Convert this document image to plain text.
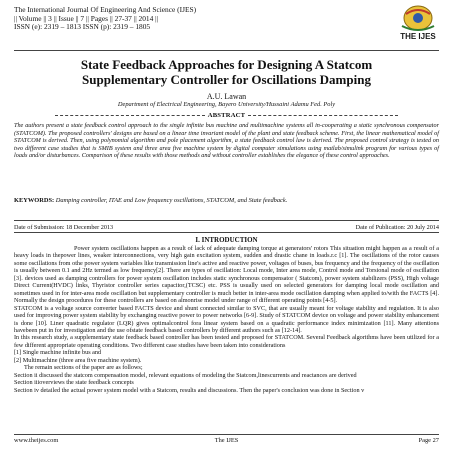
The International Journal Of Engineering And Science (IJES)
|| Volume || 3 || Issue || 7 || Pages || 27-37 || 2014 ||
ISSN (e): 2319 – 1813 ISSN (p): 2319 – 1805
THE IJES
State Feedback Approaches for Designing A Statcom
Supplementary Controller for Oscillations Damping
A.U. Lawan
Department of Electrical Engineering, Bayero University/Hussaini Adamu Fed. Poly
ABSTRACT
The authors present a state feedback control approach to the single infinite bus machine and multimachine systems all in-cooperating a static synchronous compensator (STATCOM). The proposed controllers' designs are based on a linear time invariant model of the plant and state feedback scheme. First, the linear mathematical model of STATCOM is derived. Then, using polynomial algorithm and pole placement algorithm, a state feedback control law is derived. The proposed control strategy is tested on two different case studies that is SMIB system and three area five machine system by digital computer simulations using matlab/simulink program for various types of loads and/or disturbances. Comparison of these results with those methods and without controller establishes the elegance of these control approaches.
KEYWORDS: Damping controller, ITAE and Low frequency oscillations, STATCOM, and State feedback.
Date of Submission: 18 December 2013	Date of Publication: 20 July 2014
I. INTRODUCTION

Power system oscillations happen as a result of lack of adequate damping torque at generators' rotors This situation might happen as a result of a heavy loads in thepower lines, weaker interconnections, very high gain excitation system, sudden and drastic chane in loads.r.c [1]. The oscillations of the rotor causes some oscillations from othe power system variables like transmission line's active and reactive power, voltages of buses, bus frequency and the frequency of the oscillation is usually between 0.1 and 2Hz termed as low frequency[2]. There are types of oscillation: Local mode, Inter area mode, Control mode and Torsional mode of oscillation [3]. devices used as damping controllers for power system oscillation includes static synchronous compensator ( Statcom), power system stabilizers (PSS), High voltage Direct Current(HVDC) links, Thyristor controller series capacitor,(TCSC) etc. PSS is usually used on selected generators for damping local mode oscillation and sometimes used in for inter-area mode oscillation but supplementary controller is much better in inter-area mode oscillation damping when applied to/with the FACTS [4]. Normally the design procedures for these controllers are based on almonrise model under range of different operating points [4-5].

STATCOM is a voltage source converter based FACTS device and shunt connected similar to SVC, that are usually meant for voltage stability and regulation. It is also used for improving power system stability by exchanging reactive power to power networks [6-9]. Study of STATCOM device on voltage and power stability enhancement is done [10]. Liner quadratic regulator (LQR) gives optimalcontrol fora linear system based on a quadratic performance index minimization [11]. Many attentions havebeen put in for investigation and the use ofstate feedback based controllers by different authors such as [12-14].

In this research study, a supplementary state feedback based controller has been tested and proposed for STATCOM. Several Feedback algorithms have been utilized for a few different appropriate operating conditions. Two different case studies have been taken into considerations

[1] Single machine infinite bus and

[2] Multimachine (three area five machine system).

The remain sections of the paper are as follows;

Section ii discussed the statcom compensation model, relevant equations of modeling the Statcom,linescurrents and reactances are derived

Section iiioverviews the state feedback concepts

Section iv detailed the actual power system model with a Statcom, results and discussions. Then the paper's conclusion was done in Section v

www.theijes.com	The IJES	Page 27
